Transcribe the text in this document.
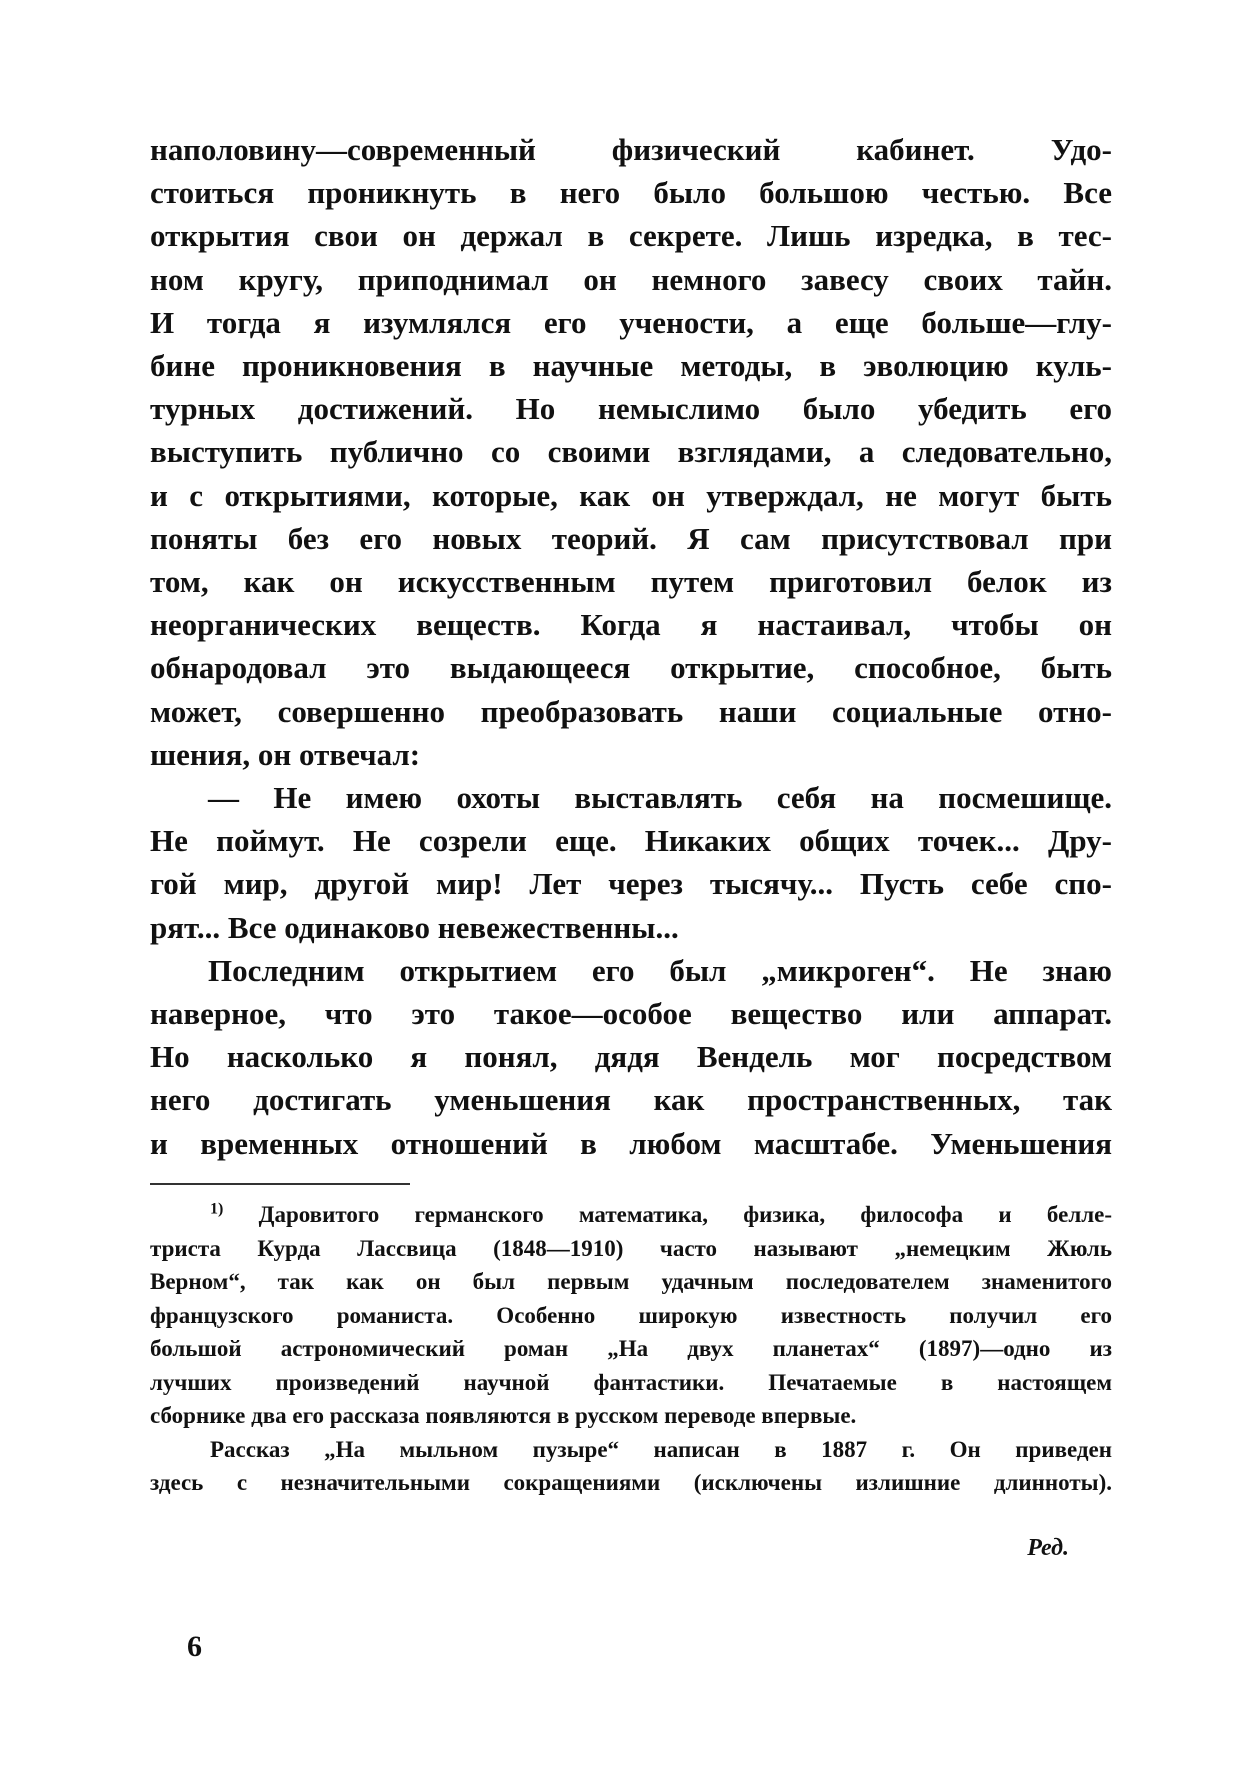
наполовину—современный физический кабинет. Удо-

стоиться проникнуть в него было большою честью. Все

открытия свои он держал в секрете. Лишь изредка, в тес-

ном кругу, приподнимал он немного завесу своих тайн.

И тогда я изумлялся его учености, а еще больше—глу-

бине проникновения в научные методы, в эволюцию куль-

турных достижений. Но немыслимо было убедить его

выступить публично со своими взглядами, а следовательно,

и с открытиями, которые, как он утверждал, не могут быть

поняты без его новых теорий. Я сам присутствовал при

том, как он искусственным путем приготовил белок из

неорганических веществ. Когда я настаивал, чтобы он

обнародовал это выдающееся открытие, способное, быть

может, совершенно преобразовать наши социальные отно-

шения, он отвечал:

— Не имею охоты выставлять себя на посмешище.

Не поймут. Не созрели еще. Никаких общих точек... Дру-

гой мир, другой мир! Лет через тысячу... Пусть себе спо-

рят... Все одинаково невежественны...

Последним открытием его был „микроген“. Не знаю

наверное, что это такое—особое вещество или аппарат.

Но насколько я понял, дядя Вендель мог посредством

него достигать уменьшения как пространственных, так

и временных отношений в любом масштабе. Уменьшения

$^{1)}$ Даровитого германского математика, физика, философа и белле-

триста Курда Лассвица (1848—1910) часто называют „немецким Жюль

Верном“, так как он был первым удачным последователем знаменитого

французского романиста. Особенно широкую известность получил его

большой астрономический роман „На двух планетах“ (1897)—одно из

лучших произведений научной фантастики. Печатаемые в настоящем

сборнике два его рассказа появляются в русском переводе впервые.

Рассказ „На мыльном пузыре“ написан в 1887 г. Он приведен

здесь с незначительными сокращениями (исключены излишние длинноты).

Ред.
6
